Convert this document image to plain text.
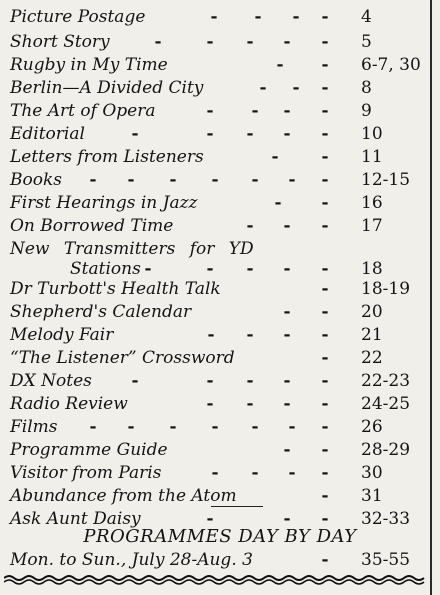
Picture Postage	- - - - 4
Short Story	-	- - - - 5
Rugby in My Time	- - 6-7, 30
Berlin—A Divided City	- - - 8
The Art of Opera	- - - - 9
Editorial	-	- - - - 10
Letters from Listeners	-	- 11
Books - - - - - - - 12-15
First Hearings in Jazz	- - 16
On Borrowed Time	- - - 17
New Transmitters for YD
Stations -	- - - - 18
Dr Turbott's Health Talk	- 18-19
Shepherd's Calendar	- - 20
Melody Fair	- - - - 21
“The Listener” Crossword	- 22
DX Notes -	- - - - 22-23
Radio Review	- - - - 24-25
Films - - - - - - - 26
Programme Guide	- - 28-29
Visitor from Paris	- - - - 30
Abundance from the Atom	- 31
Ask Aunt Daisy	-	- - 32-33
PROGRAMMES DAY BY DAY
Mon. to Sun., July 28-Aug. 3	- 35-55
